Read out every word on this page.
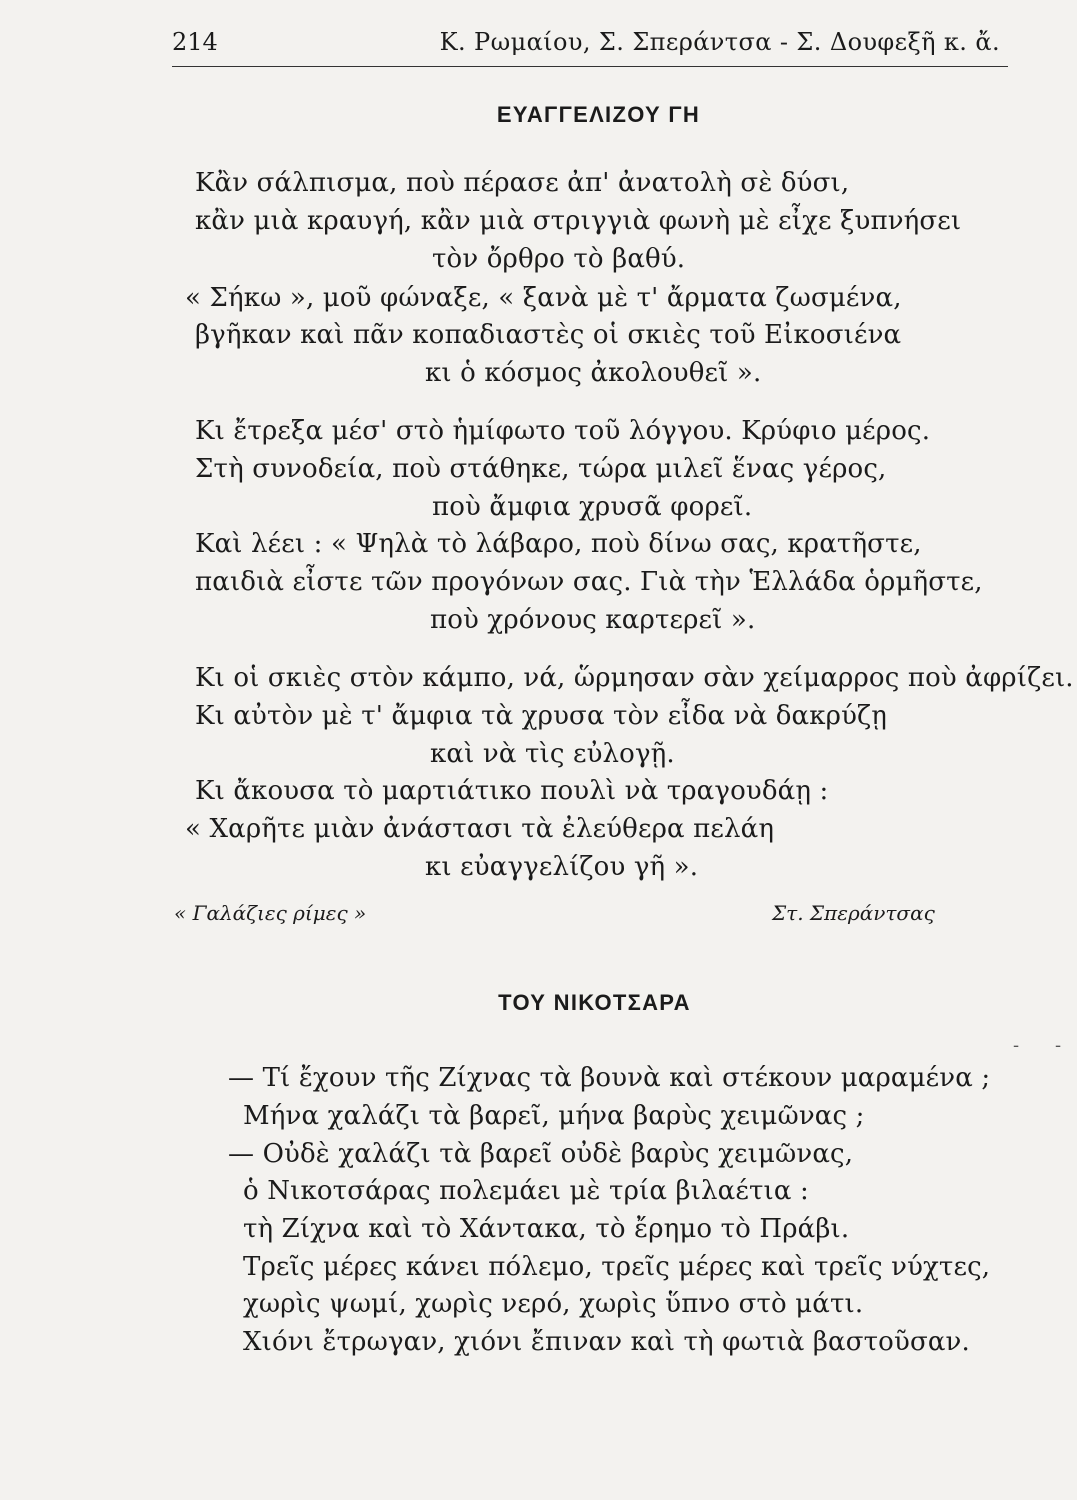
214	Κ. Ρωμαίου, Σ. Σπεράντσα - Σ. Δουφεξῆ κ. ἄ.
ΕΥΑΓΓΕΛΙΖΟΥ ΓΗ
Κἂν σάλπισμα, ποὺ πέρασε ἀπ' ἀνατολὴ σὲ δύσι,
κἂν μιὰ κραυγή, κἂν μιὰ στριγγιὰ φωνὴ μὲ εἶχε ξυπνήσει
τὸν ὄρθρο τὸ βαθύ.
« Σήκω », μοῦ φώναξε, « ξανὰ μὲ τ' ἄρματα ζωσμένα,
βγῆκαν καὶ πᾶν κοπαδιαστὲς οἱ σκιὲς τοῦ Εἰκοσιένα
κι ὁ κόσμος ἀκολουθεῖ ».
Κι ἔτρεξα μέσ' στὸ ἡμίφωτο τοῦ λόγγου. Κρύφιο μέρος.
Στὴ συνοδεία, ποὺ στάθηκε, τώρα μιλεῖ ἕνας γέρος,
ποὺ ἄμφια χρυσᾶ φορεῖ.
Καὶ λέει : « Ψηλὰ τὸ λάβαρο, ποὺ δίνω σας, κρατῆστε,
παιδιὰ εἶστε τῶν προγόνων σας. Γιὰ τὴν Ἑλλάδα ὁρμῆστε,
ποὺ χρόνους καρτερεῖ ».
Κι οἱ σκιὲς στὸν κάμπο, νά, ὥρμησαν σὰν χείμαρρος ποὺ ἀφρίζει.
Κι αὐτὸν μὲ τ' ἄμφια τὰ χρυσα τὸν εἶδα νὰ δακρύζῃ
καὶ νὰ τὶς εὐλογῇ.
Κι ἄκουσα τὸ μαρτιάτικο πουλὶ νὰ τραγουδάῃ :
« Χαρῆτε μιὰν ἀνάστασι τὰ ἐλεύθερα πελάη
κι εὐαγγελίζου γῆ ».
« Γαλάζιες ρίμες »	Στ. Σπεράντσας
ΤΟΥ ΝΙΚΟΤΣΑΡΑ
— Τί ἔχουν τῆς Ζίχνας τὰ βουνὰ καὶ στέκουν μαραμένα ;
Μήνα χαλάζι τὰ βαρεῖ, μήνα βαρὺς χειμῶνας ;
— Οὐδὲ χαλάζι τὰ βαρεῖ οὐδὲ βαρὺς χειμῶνας,
ὁ Νικοτσάρας πολεμάει μὲ τρία βιλαέτια :
τὴ Ζίχνα καὶ τὸ Χάντακα, τὸ ἔρημο τὸ Πράβι.
Τρεῖς μέρες κάνει πόλεμο, τρεῖς μέρες καὶ τρεῖς νύχτες,
χωρὶς ψωμί, χωρὶς νερό, χωρὶς ὕπνο στὸ μάτι.
Χιόνι ἔτρωγαν, χιόνι ἔπιναν καὶ τὴ φωτιὰ βαστοῦσαν.
- -
